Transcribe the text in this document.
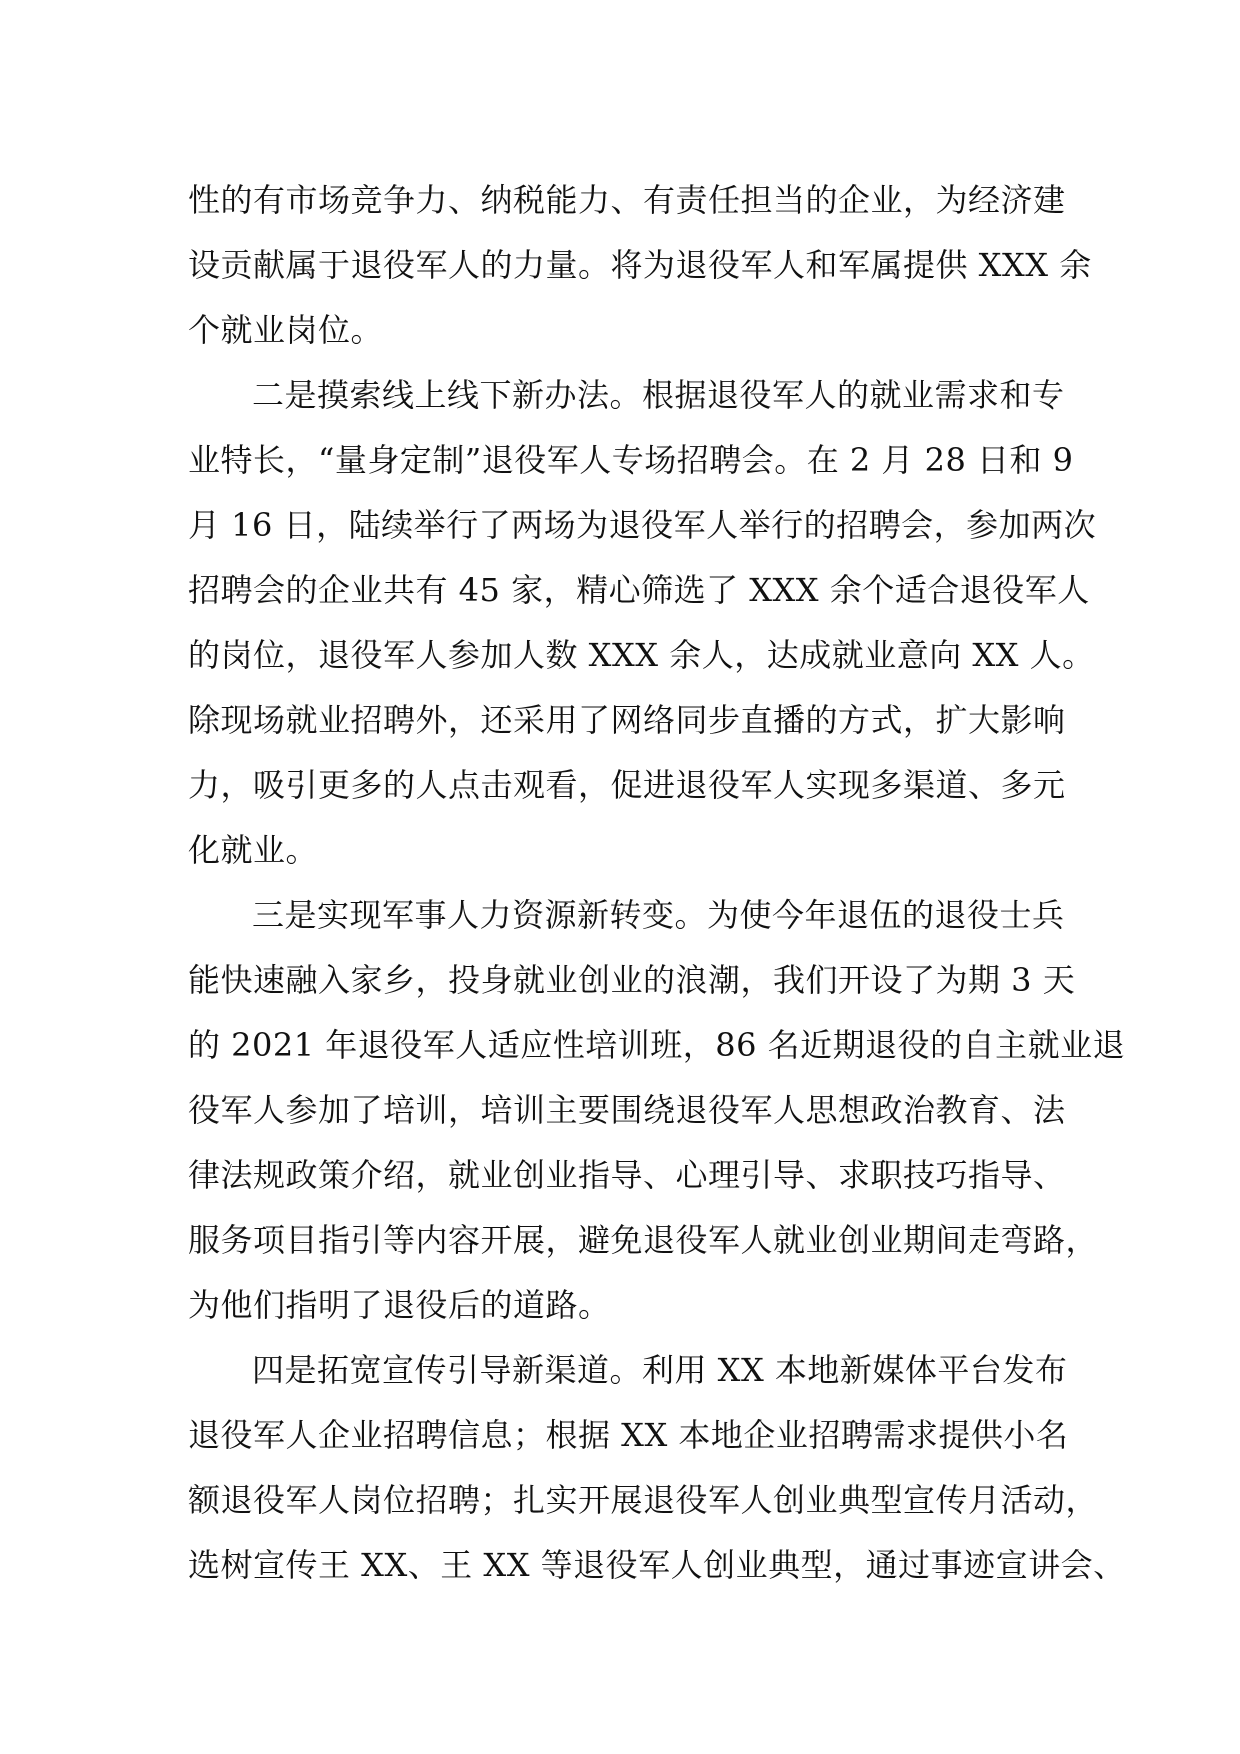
性的有市场竞争力、纳税能力、有责任担当的企业，为经济建
设贡献属于退役军人的力量。将为退役军人和军属提供 XXX 余
个就业岗位。
二是摸索线上线下新办法。根据退役军人的就业需求和专
业特长，“量身定制”退役军人专场招聘会。在 2 月 28 日和 9
月 16 日，陆续举行了两场为退役军人举行的招聘会，参加两次
招聘会的企业共有 45 家，精心筛选了 XXX 余个适合退役军人
的岗位，退役军人参加人数 XXX 余人，达成就业意向 XX 人。
除现场就业招聘外，还采用了网络同步直播的方式，扩大影响
力，吸引更多的人点击观看，促进退役军人实现多渠道、多元
化就业。
三是实现军事人力资源新转变。为使今年退伍的退役士兵
能快速融入家乡，投身就业创业的浪潮，我们开设了为期 3 天
的 2021 年退役军人适应性培训班，86 名近期退役的自主就业退
役军人参加了培训，培训主要围绕退役军人思想政治教育、法
律法规政策介绍，就业创业指导、心理引导、求职技巧指导、
服务项目指引等内容开展，避免退役军人就业创业期间走弯路，
为他们指明了退役后的道路。
四是拓宽宣传引导新渠道。利用 XX 本地新媒体平台发布
退役军人企业招聘信息；根据 XX 本地企业招聘需求提供小名
额退役军人岗位招聘；扎实开展退役军人创业典型宣传月活动，
选树宣传王 XX、王 XX 等退役军人创业典型，通过事迹宣讲会、
